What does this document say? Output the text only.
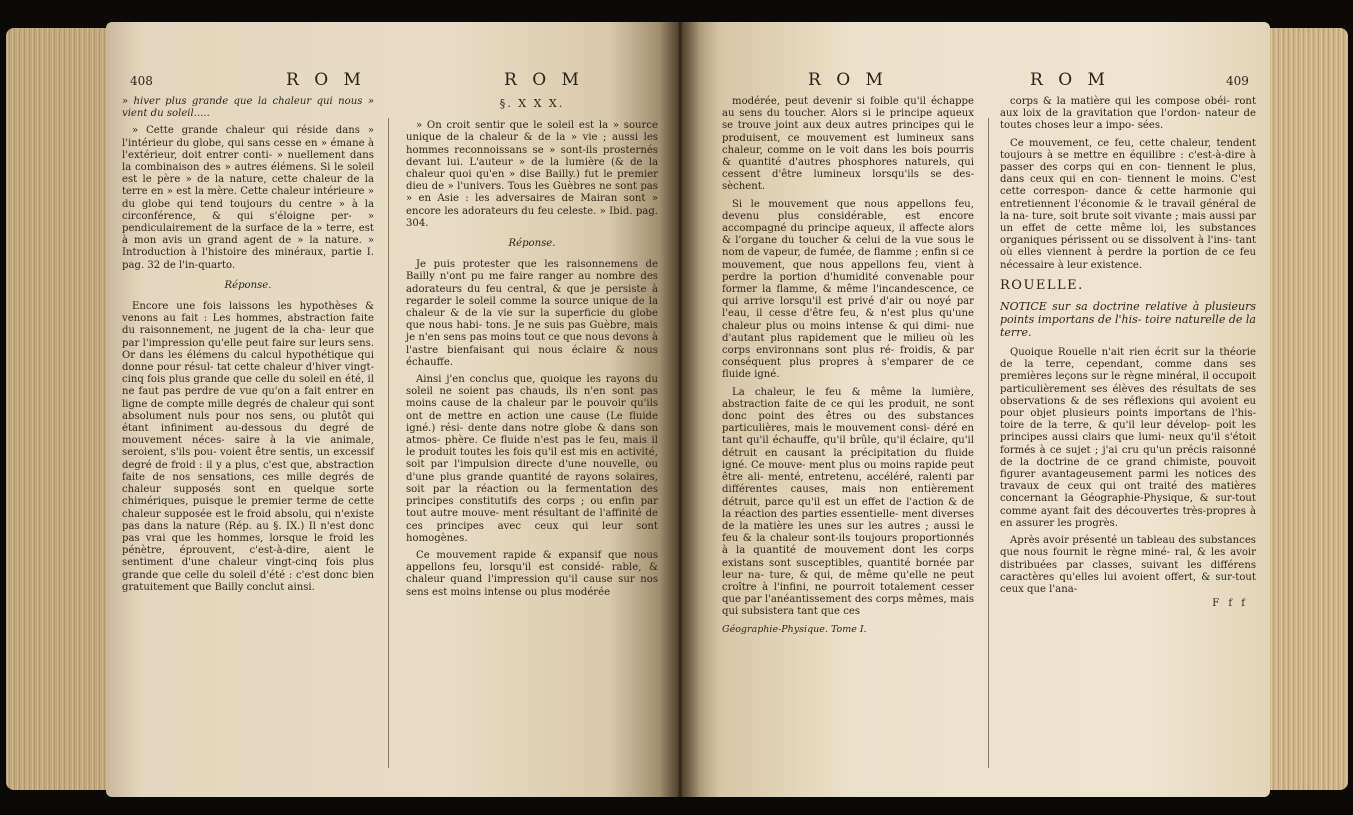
408	R O M	R O M

» hiver plus grande que la chaleur qui nous » vient du soleil.....

» Cette grande chaleur qui réside dans » l'intérieur du globe, qui sans cesse en » émane à l'extérieur, doit entrer conti- » nuellement dans la combinaison des » autres élémens. Si le soleil est le père » de la nature, cette chaleur de la terre en » est la mère. Cette chaleur intérieure » du globe qui tend toujours du centre » à la circonférence, & qui s'éloigne per- » pendiculairement de la surface de la » terre, est à mon avis un grand agent de » la nature. » Introduction à l'histoire des minéraux, partie I. pag. 32 de l'in-quarto.

Réponse.

Encore une fois laissons les hypothèses & venons au fait : Les hommes, abstraction faite du raisonnement, ne jugent de la cha- leur que par l'impression qu'elle peut faire sur leurs sens. Or dans les élémens du calcul hypothétique qui donne pour résul- tat cette chaleur d'hiver vingt-cinq fois plus grande que celle du soleil en été, il ne faut pas perdre de vue qu'on a fait entrer en ligne de compte mille degrés de chaleur qui sont absolument nuls pour nos sens, ou plutôt qui étant infiniment au-dessous du degré de mouvement néces- saire à la vie animale, seroient, s'ils pou- voient être sentis, un excessif degré de froid : il y a plus, c'est que, abstraction faite de nos sensations, ces mille degrés de chaleur supposés sont en quelque sorte chimériques, puisque le premier terme de cette chaleur supposée est le froid absolu, qui n'existe pas dans la nature (Rép. au §. IX.) Il n'est donc pas vrai que les hommes, lorsque le froid les pénètre, éprouvent, c'est-à-dire, aient le sentiment d'une chaleur vingt-cinq fois plus grande que celle du soleil d'été : c'est donc bien gratuitement que Bailly conclut ainsi.

§. X X X.

» On croit sentir que le soleil est la » source unique de la chaleur & de la » vie ; aussi les hommes reconnoissans se » sont-ils prosternés devant lui. L'auteur » de la lumière (& de la chaleur quoi qu'en » dise Bailly.) fut le premier dieu de » l'univers. Tous les Guèbres ne sont pas » en Asie : les adversaires de Mairan sont » encore les adorateurs du feu celeste. » Ibid. pag. 304.

Réponse.

Je puis protester que les raisonnemens de Bailly n'ont pu me faire ranger au nombre des adorateurs du feu central, & que je persiste à regarder le soleil comme la source unique de la chaleur & de la vie sur la superficie du globe que nous habi- tons. Je ne suis pas Guèbre, mais je n'en sens pas moins tout ce que nous devons à l'astre bienfaisant qui nous éclaire & nous échauffe.

Ainsi j'en conclus que, quoique les rayons du soleil ne soient pas chauds, ils n'en sont pas moins cause de la chaleur par le pouvoir qu'ils ont de mettre en action une cause (Le fluide igné.) rési- dente dans notre globe & dans son atmos- phère. Ce fluide n'est pas le feu, mais il le produit toutes les fois qu'il est mis en activité, soit par l'impulsion directe d'une nouvelle, ou d'une plus grande quantité de rayons solaires, soit par la réaction ou la fermentation des principes constitutifs des corps ; ou enfin par tout autre mouve- ment résultant de l'affinité de ces principes avec ceux qui leur sont homogènes.

Ce mouvement rapide & expansif que nous appellons feu, lorsqu'il est considé- rable, & chaleur quand l'impression qu'il cause sur nos sens est moins intense ou plus modérée

R O M	R O M	409

modérée, peut devenir si foible qu'il échappe au sens du toucher. Alors si le principe aqueux se trouve joint aux deux autres principes qui le produisent, ce mouvement est lumineux sans chaleur, comme on le voit dans les bois pourris & quantité d'autres phosphores naturels, qui cessent d'être lumineux lorsqu'ils se des- sèchent.

Si le mouvement que nous appellons feu, devenu plus considérable, est encore accompagné du principe aqueux, il affecte alors & l'organe du toucher & celui de la vue sous le nom de vapeur, de fumée, de flamme ; enfin si ce mouvement, que nous appellons feu, vient à perdre la portion d'humidité convenable pour former la flamme, & même l'incandescence, ce qui arrive lorsqu'il est privé d'air ou noyé par l'eau, il cesse d'être feu, & n'est plus qu'une chaleur plus ou moins intense & qui dimi- nue d'autant plus rapidement que le milieu où les corps environnans sont plus ré- froidis, & par conséquent plus propres à s'emparer de ce fluide igné.

La chaleur, le feu & même la lumière, abstraction faite de ce qui les produit, ne sont donc point des êtres ou des substances particulières, mais le mouvement consi- déré en tant qu'il échauffe, qu'il brûle, qu'il éclaire, qu'il détruit en causant la précipitation du fluide igné. Ce mouve- ment plus ou moins rapide peut être ali- menté, entretenu, accéléré, ralenti par différentes causes, mais non entièrement détruit, parce qu'il est un effet de l'action & de la réaction des parties essentielle- ment diverses de la matière les unes sur les autres ; aussi le feu & la chaleur sont-ils toujours proportionnés à la quantité de mouvement dont les corps existans sont susceptibles, quantité bornée par leur na- ture, & qui, de même qu'elle ne peut croître à l'infini, ne pourroit totalement cesser que par l'anéantissement des corps mêmes, mais qui subsistera tant que ces

Géographie-Physique. Tome I.

corps & la matière qui les compose obéi- ront aux loix de la gravitation que l'ordon- nateur de toutes choses leur a impo- sées.

Ce mouvement, ce feu, cette chaleur, tendent toujours à se mettre en équilibre : c'est-à-dire à passer des corps qui en con- tiennent le plus, dans ceux qui en con- tiennent le moins. C'est cette correspon- dance & cette harmonie qui entretiennent l'économie & le travail général de la na- ture, soit brute soit vivante ; mais aussi par un effet de cette même loi, les substances organiques périssent ou se dissolvent à l'ins- tant où elles viennent à perdre la portion de ce feu nécessaire à leur existence.

ROUELLE.

NOTICE sur sa doctrine relative à plusieurs points importans de l'his- toire naturelle de la terre.

Quoique Rouelle n'ait rien écrit sur la théorie de la terre, cependant, comme dans ses premières leçons sur le règne minéral, il occupoit particulièrement ses élèves des résultats de ses observations & de ses réflexions qui avoient eu pour objet plusieurs points importans de l'his- toire de la terre, & qu'il leur dévelop- poit les principes aussi clairs que lumi- neux qu'il s'étoit formés à ce sujet ; j'ai cru qu'un précis raisonné de la doctrine de ce grand chimiste, pouvoit figurer avantageusement parmi les notices des travaux de ceux qui ont traité des matières concernant la Géographie-Physique, & sur-tout comme ayant fait des découvertes très-propres à en assurer les progrès.

Après avoir présenté un tableau des substances que nous fournit le règne miné- ral, & les avoir distribuées par classes, suivant les différens caractères qu'elles lui avoient offert, & sur-tout ceux que l'ana-

F f f
